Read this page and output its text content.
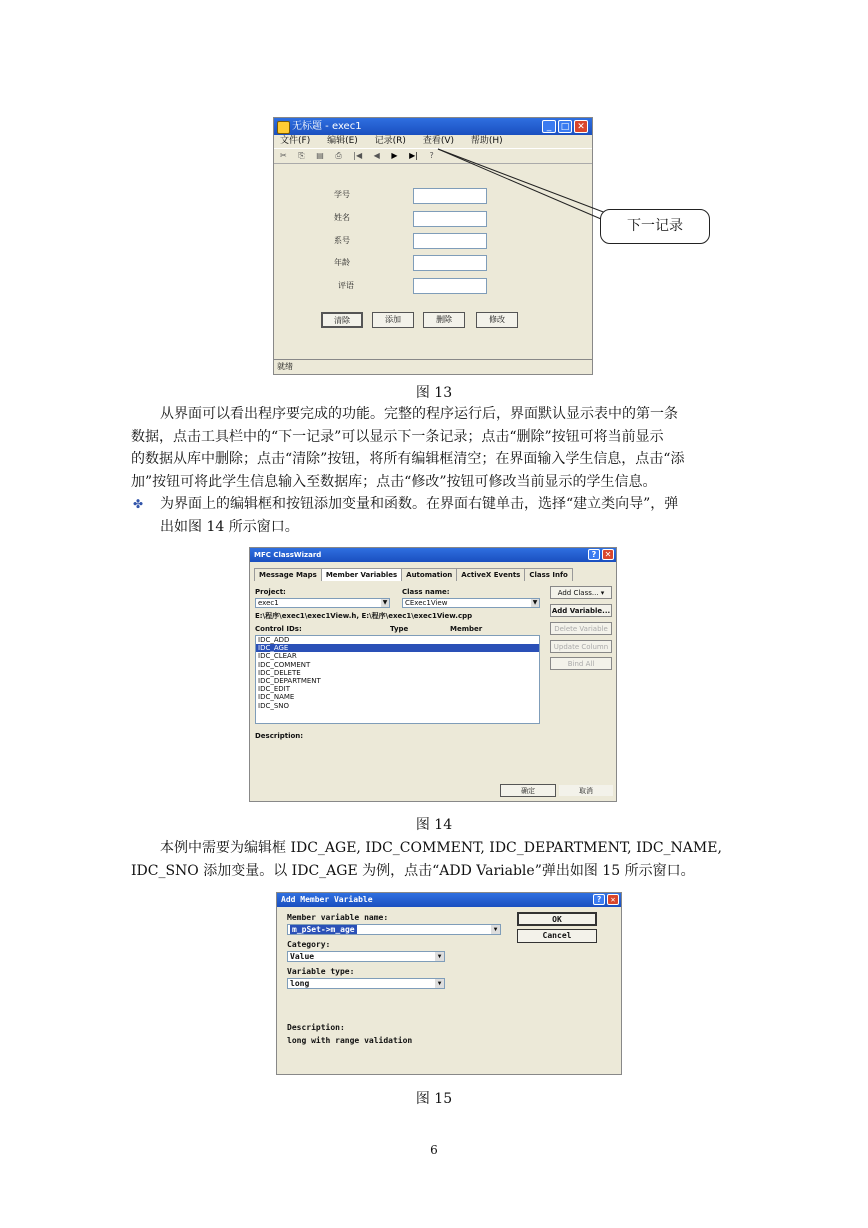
无标题 - exec1	_	□ ✕
文件(F) 编辑(E) 记录(R) 查看(V) 帮助(H)
✂ ⎘ ▤ ⎙ |◀ ◀ ▶ ▶| ?
学号
姓名
系号
年龄
评语
清除	添加	删除	修改
就绪
下一记录
图 13
从界面可以看出程序要完成的功能。完整的程序运行后，界面默认显示表中的第一条
数据，点击工具栏中的“下一记录”可以显示下一条记录；点击“删除”按钮可将当前显示
的数据从库中删除；点击“清除”按钮，将所有编辑框清空；在界面输入学生信息，点击“添
加”按钮可将此学生信息输入至数据库；点击“修改”按钮可修改当前显示的学生信息。
✤ 为界面上的编辑框和按钮添加变量和函数。在界面右键单击，选择“建立类向导”，弹
出如图 14 所示窗口。
MFC ClassWizard	?	✕
Message Maps Member Variables Automation ActiveX Events Class Info
Project:
exec1	▼
Class name:
CExec1View	▼
E:\程序\exec1\exec1View.h, E:\程序\exec1\exec1View.cpp
Control IDs:	Type	Member
IDC_ADD
IDC_AGE
IDC_CLEAR
IDC_COMMENT
IDC_DELETE
IDC_DEPARTMENT
IDC_EDIT
IDC_NAME
IDC_SNO
Add Class... ▾
Add Variable...
Delete Variable
Update Column
Bind All
Description:
确定	取消
图 14
本例中需要为编辑框 IDC_AGE, IDC_COMMENT, IDC_DEPARTMENT, IDC_NAME,
IDC_SNO 添加变量。以 IDC_AGE 为例，点击“ADD Variable”弹出如图 15 所示窗口。
Add Member Variable	?	✕
Member variable name:
m_pSet->m_age	▼
Category:
Value	▼
Variable type:
long	▼
Description:
long with range validation
OK
Cancel
图 15
6
